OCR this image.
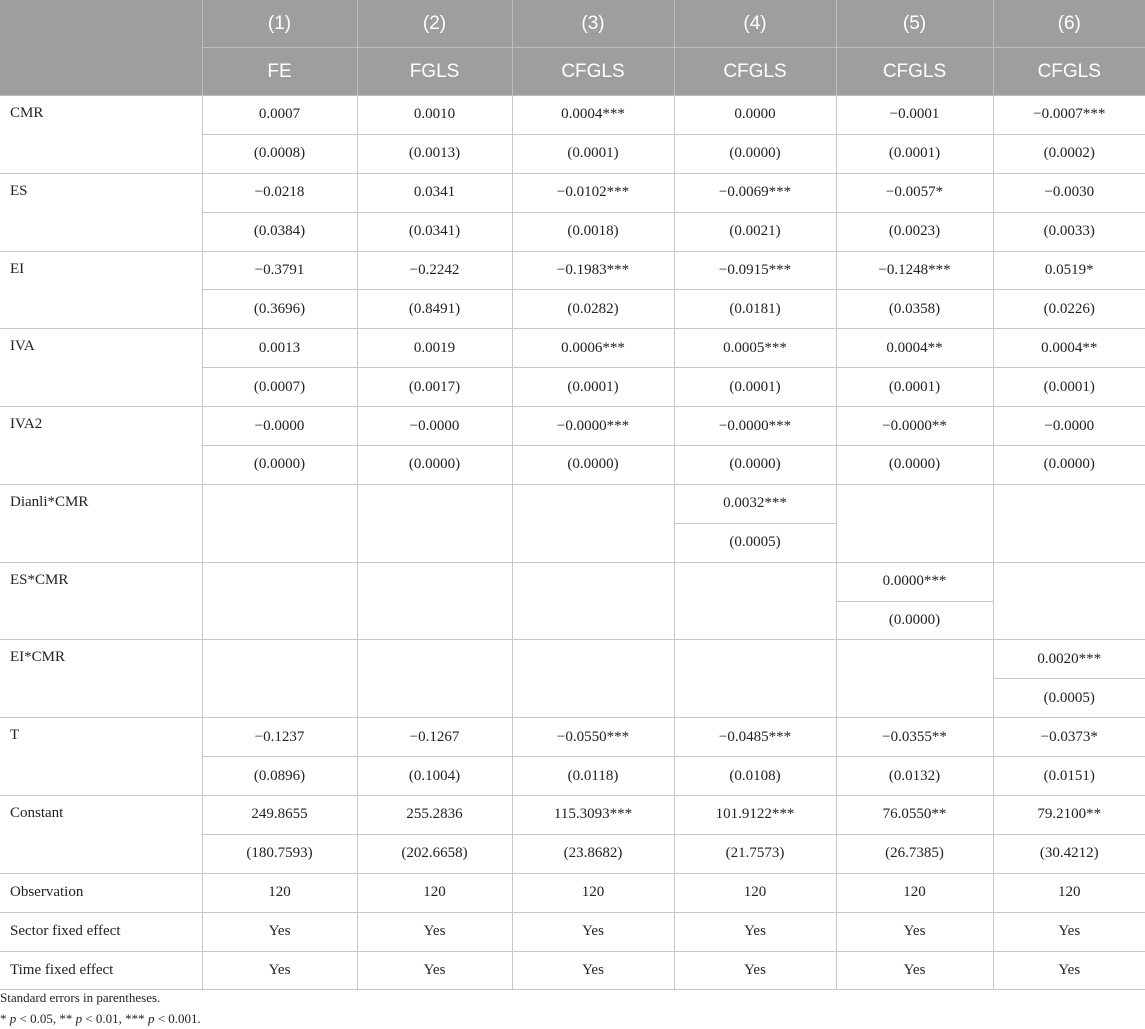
	(1)	(2)	(3)	(4)	(5)	(6)
	FE	FGLS	CFGLS	CFGLS	CFGLS	CFGLS
CMR	0.0007	0.0010	0.0004***	0.0000	−0.0001	−0.0007***
	(0.0008)	(0.0013)	(0.0001)	(0.0000)	(0.0001)	(0.0002)
ES	−0.0218	0.0341	−0.0102***	−0.0069***	−0.0057*	−0.0030
	(0.0384)	(0.0341)	(0.0018)	(0.0021)	(0.0023)	(0.0033)
EI	−0.3791	−0.2242	−0.1983***	−0.0915***	−0.1248***	0.0519*
	(0.3696)	(0.8491)	(0.0282)	(0.0181)	(0.0358)	(0.0226)
IVA	0.0013	0.0019	0.0006***	0.0005***	0.0004**	0.0004**
	(0.0007)	(0.0017)	(0.0001)	(0.0001)	(0.0001)	(0.0001)
IVA2	−0.0000	−0.0000	−0.0000***	−0.0000***	−0.0000**	−0.0000
	(0.0000)	(0.0000)	(0.0000)	(0.0000)	(0.0000)	(0.0000)
Dianli*CMR				0.0032***		
				(0.0005)		
ES*CMR					0.0000***	
					(0.0000)	
EI*CMR						0.0020***
						(0.0005)
T	−0.1237	−0.1267	−0.0550***	−0.0485***	−0.0355**	−0.0373*
	(0.0896)	(0.1004)	(0.0118)	(0.0108)	(0.0132)	(0.0151)
Constant	249.8655	255.2836	115.3093***	101.9122***	76.0550**	79.2100**
	(180.7593)	(202.6658)	(23.8682)	(21.7573)	(26.7385)	(30.4212)
Observation	120	120	120	120	120	120
Sector fixed effect	Yes	Yes	Yes	Yes	Yes	Yes
Time fixed effect	Yes	Yes	Yes	Yes	Yes	Yes
Standard errors in parentheses.
* p < 0.05, ** p < 0.01, *** p < 0.001.
